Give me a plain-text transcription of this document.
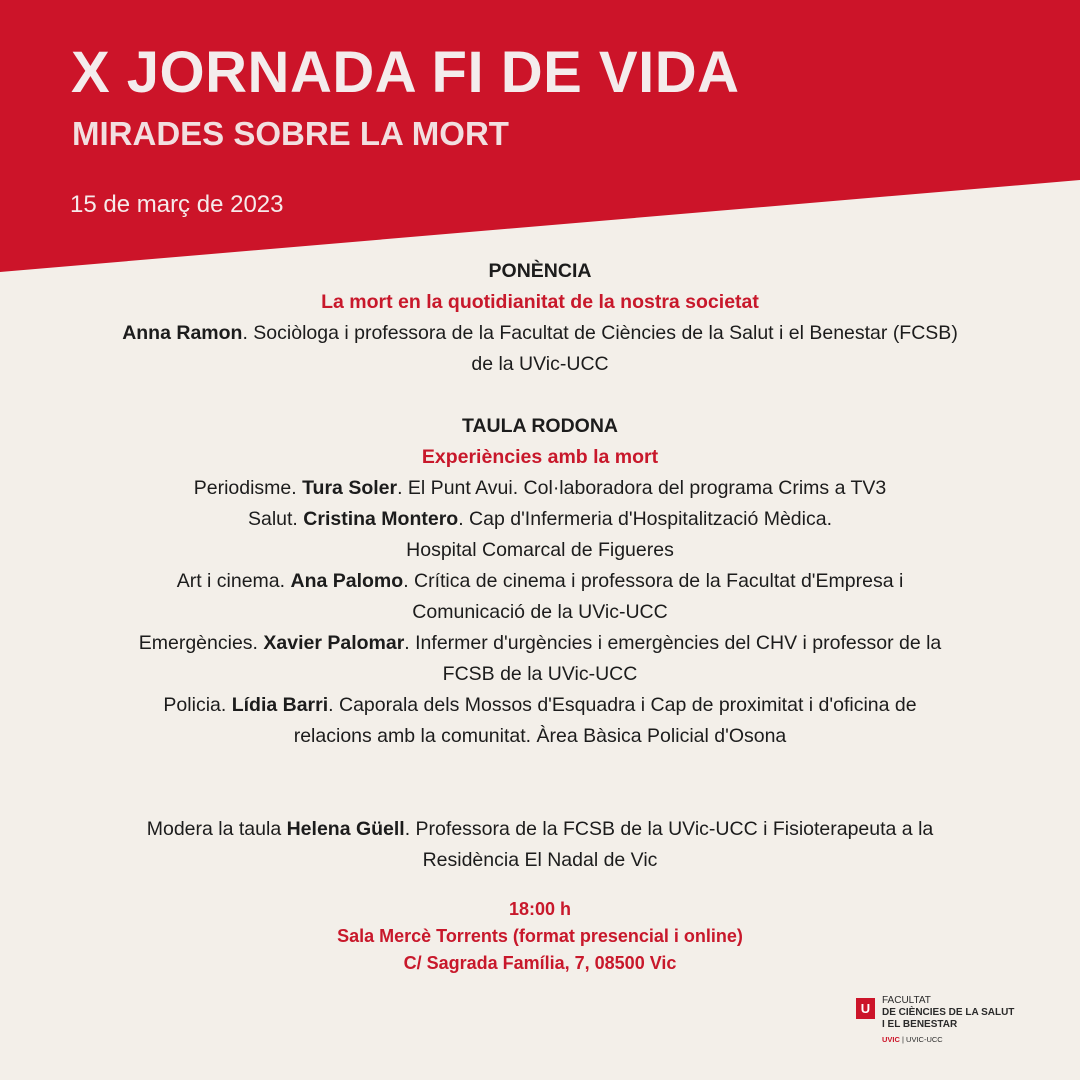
X JORNADA FI DE VIDA
MIRADES SOBRE LA MORT
15 de març de 2023

PONÈNCIA

La mort en la quotidianitat de la nostra societat

Anna Ramon. Sociòloga i professora de la Facultat de Ciències de la Salut i el Benestar (FCSB)

de la UVic-UCC

TAULA RODONA

Experiències amb la mort

Periodisme. Tura Soler. El Punt Avui. Col·laboradora del programa Crims a TV3

Salut. Cristina Montero. Cap d'Infermeria d'Hospitalització Mèdica.

Hospital Comarcal de Figueres

Art i cinema. Ana Palomo. Crítica de cinema i professora de la Facultat d'Empresa i

Comunicació de la UVic-UCC

Emergències. Xavier Palomar. Infermer d'urgències i emergències del CHV i professor de la

FCSB de la UVic-UCC

Policia. Lídia Barri. Caporala dels Mossos d'Esquadra i Cap de proximitat i d'oficina de

relacions amb la comunitat. Àrea Bàsica Policial d'Osona

Modera la taula Helena Güell. Professora de la FCSB de la UVic-UCC i Fisioterapeuta a la

Residència El Nadal de Vic

18:00 h

Sala Mercè Torrents (format presencial i online)

C/ Sagrada Família, 7, 08500 Vic

U
FACULTAT
DE CIÈNCIES DE LA SALUT
I EL BENESTAR
UVIC | UVIC-UCC
